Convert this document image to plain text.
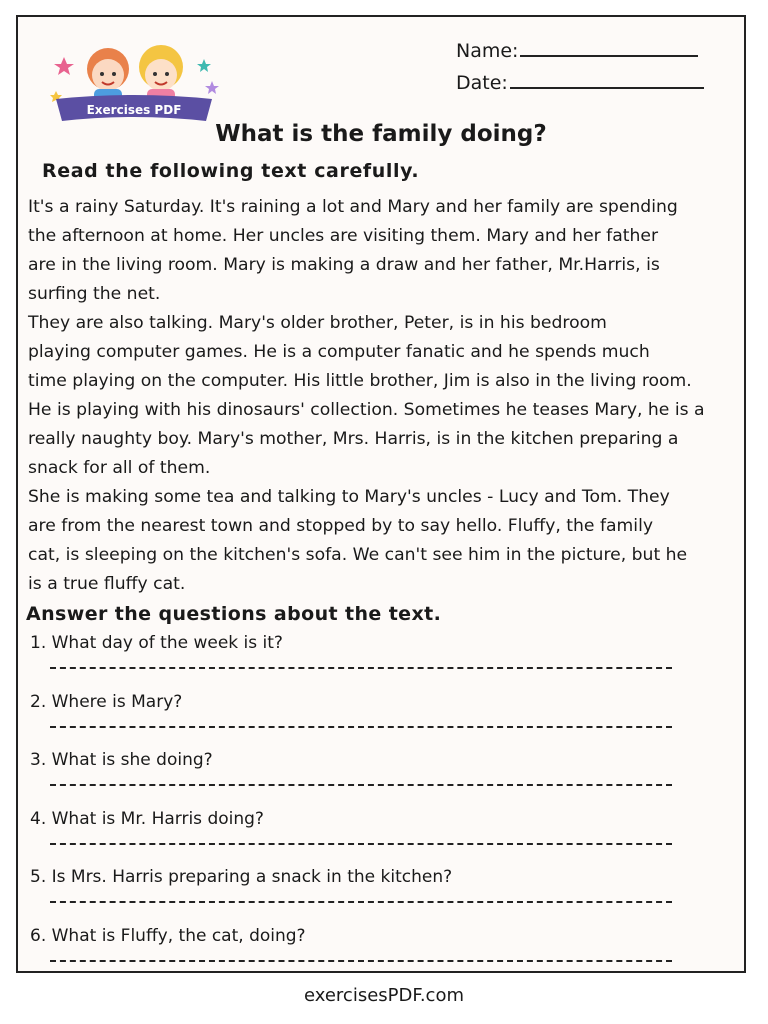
Exercises PDF
Name:
Date:
What is the family doing?
Read the following text carefully.
It's a rainy Saturday. It's raining a lot and Mary and her family are spending
the afternoon at home. Her uncles are visiting them. Mary and her father
are in the living room. Mary is making a draw and her father, Mr.Harris, is
surfing the net.
They are also talking. Mary's older brother, Peter, is in his bedroom
playing computer games. He is a computer fanatic and he spends much
time playing on the computer. His little brother, Jim is also in the living room.
He is playing with his dinosaurs' collection. Sometimes he teases Mary, he is a
really naughty boy. Mary's mother, Mrs. Harris, is in the kitchen preparing a
snack for all of them.
She is making some tea and talking to Mary's uncles - Lucy and Tom. They
are from the nearest town and stopped by to say hello. Fluffy, the family
cat, is sleeping on the kitchen's sofa. We can't see him in the picture, but he
is a true fluffy cat.
Answer the questions about the text.
1. What day of the week is it?
2. Where is Mary?
3. What is she doing?
4. What is Mr. Harris doing?
5. Is Mrs. Harris preparing a snack in the kitchen?
6. What is Fluffy, the cat, doing?
exercisesPDF.com
